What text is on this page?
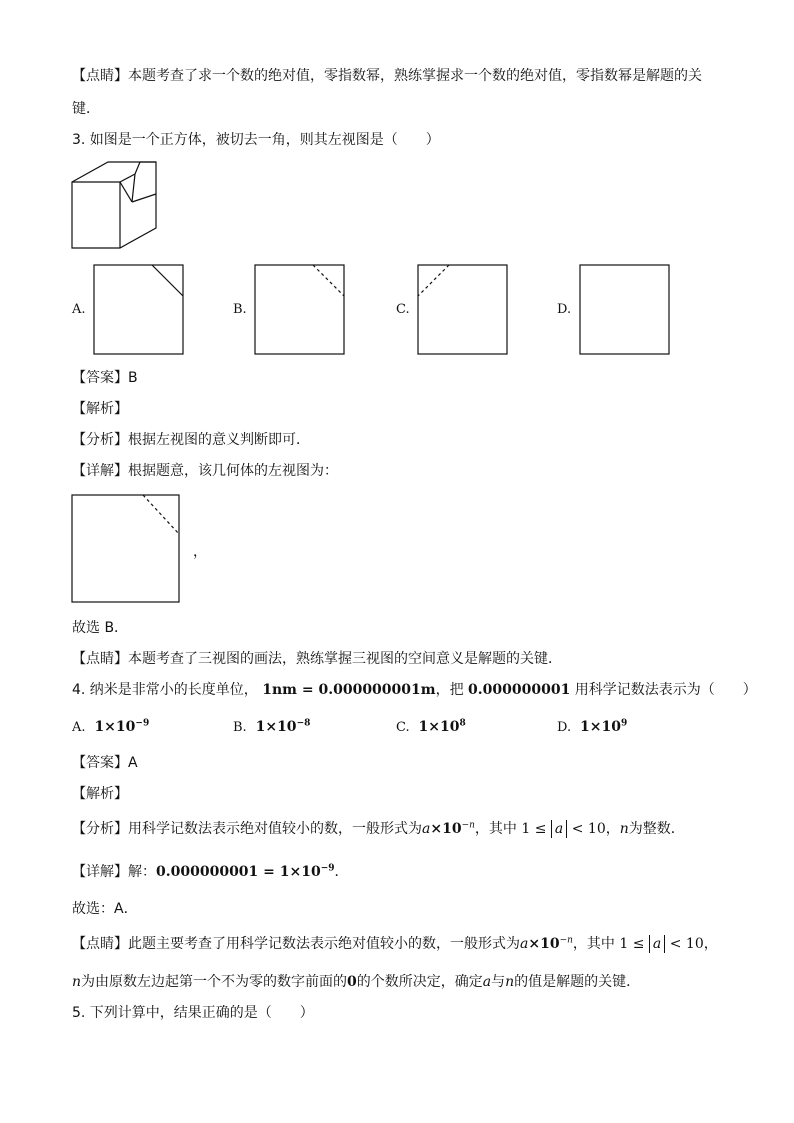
【点睛】本题考查了求一个数的绝对值，零指数幂，熟练掌握求一个数的绝对值，零指数幂是解题的关
键．
3. 如图是一个正方体，被切去一角，则其左视图是（　　）
A.	B.	C.	D.
【答案】B
【解析】
【分析】根据左视图的意义判断即可．
【详解】根据题意，该几何体的左视图为：
，
故选 B．
【点睛】本题考查了三视图的画法，熟练掌握三视图的空间意义是解题的关键．
4. 纳米是非常小的长度单位， 1nm = 0.000000001m，把 0.000000001 用科学记数法表示为（　　）
A. $1\times 10^{-9}$	B. $1\times 10^{-8}$	C. $1\times 10^8$	D. $1\times 10^9$
【答案】A
【解析】
【分析】用科学记数法表示绝对值较小的数，一般形式为$a\times 10^{-n}$，其中 1 ≤ a < 10，n为整数．
【详解】解：$0.000000001 = 1\times 10^{-9}$．
故选：A．
【点睛】此题主要考查了用科学记数法表示绝对值较小的数，一般形式为$a\times 10^{-n}$，其中 1 ≤ a < 10，
n为由原数左边起第一个不为零的数字前面的0的个数所决定，确定a与n的值是解题的关键．
5. 下列计算中，结果正确的是（　　）
